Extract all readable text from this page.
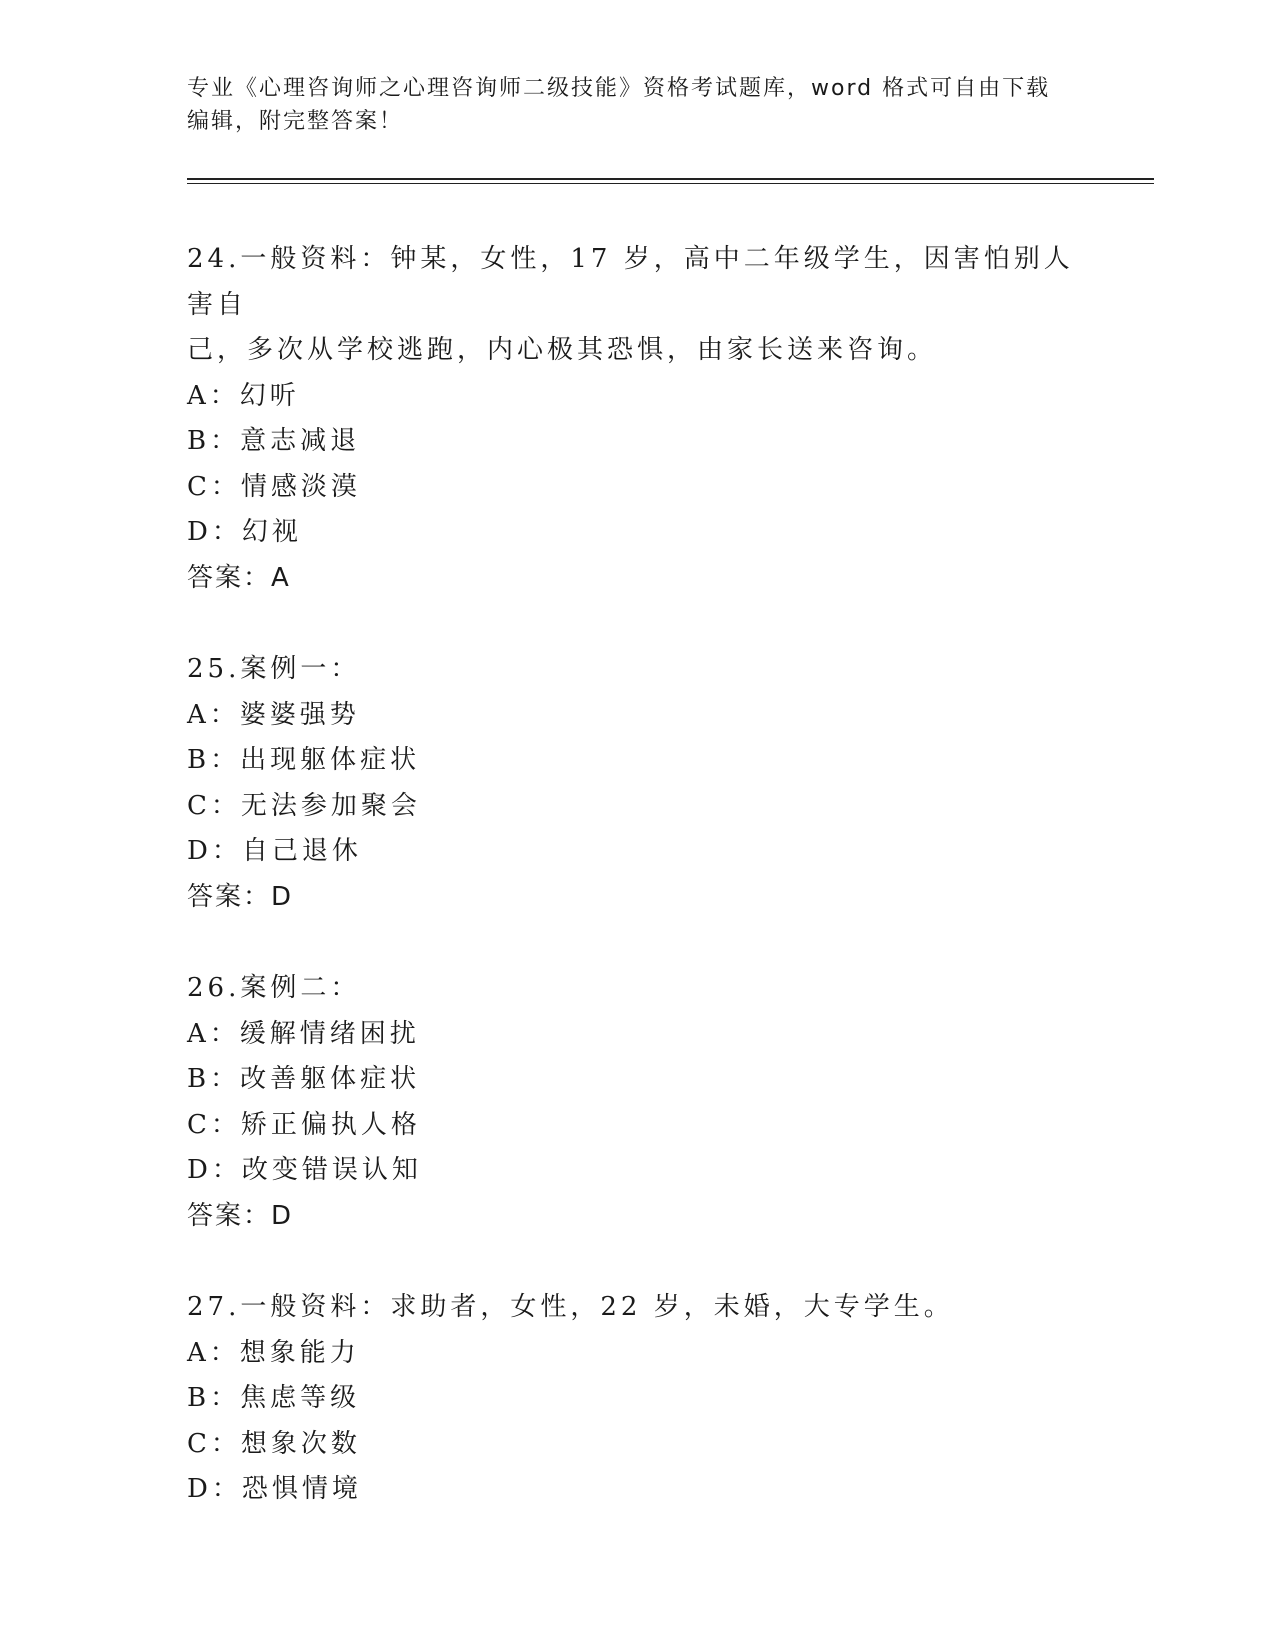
专业《心理咨询师之心理咨询师二级技能》资格考试题库，word 格式可自由下载
编辑，附完整答案！
24.一般资料：钟某，女性，17 岁，高中二年级学生，因害怕别人害自
己，多次从学校逃跑，内心极其恐惧，由家长送来咨询。
A：幻听
B：意志减退
C：情感淡漠
D：幻视
答案：A
25.案例一：
A：婆婆强势
B：出现躯体症状
C：无法参加聚会
D：自己退休
答案：D
26.案例二：
A：缓解情绪困扰
B：改善躯体症状
C：矫正偏执人格
D：改变错误认知
答案：D
27.一般资料：求助者，女性，22 岁，未婚，大专学生。
A：想象能力
B：焦虑等级
C：想象次数
D：恐惧情境
